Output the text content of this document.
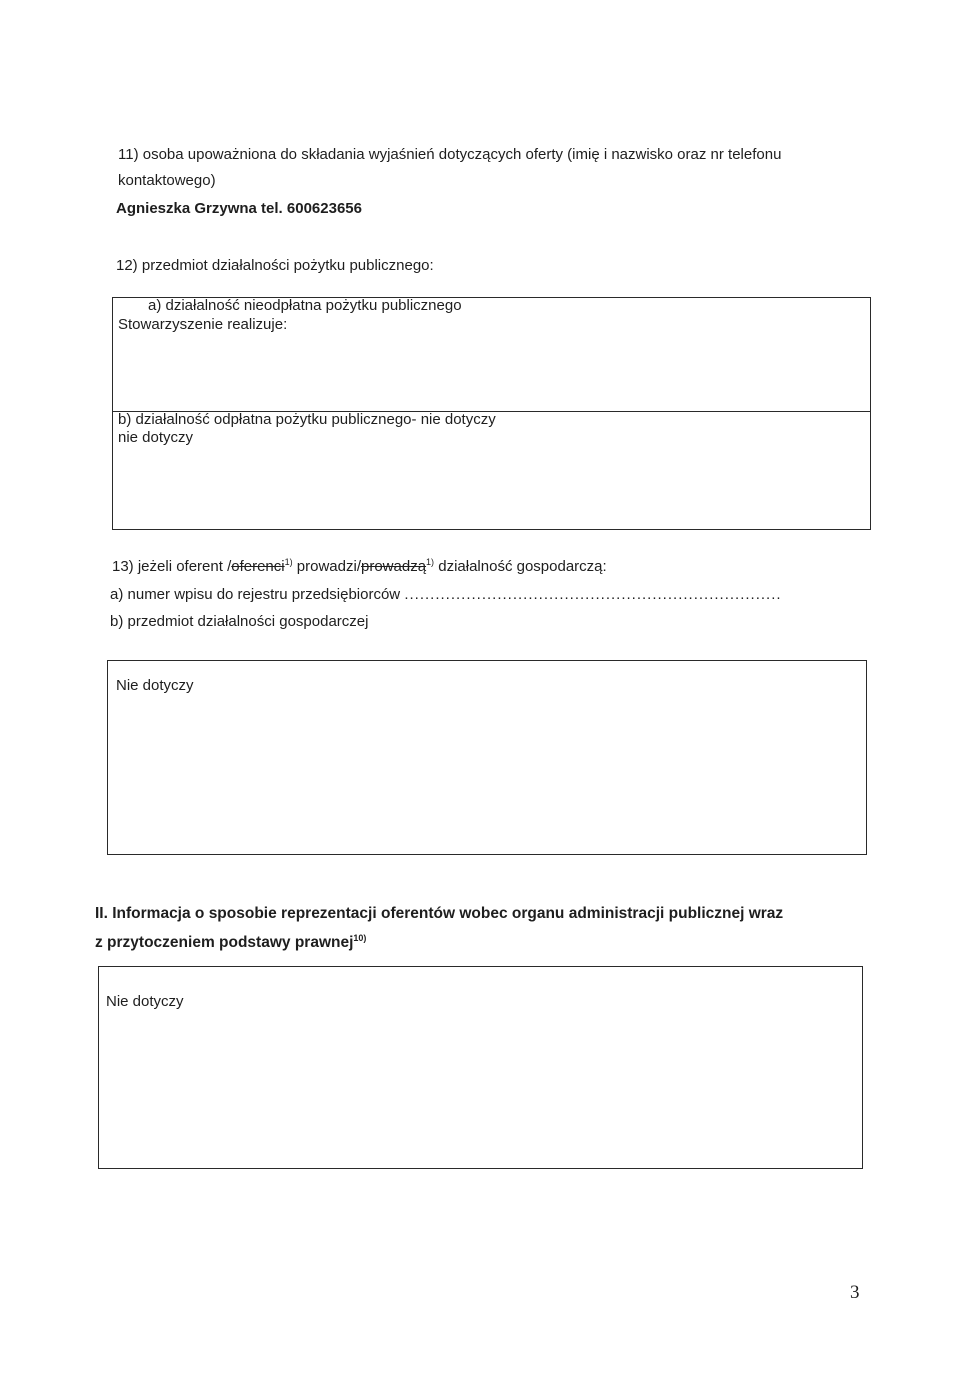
11) osoba upoważniona do składania wyjaśnień dotyczących oferty (imię i nazwisko oraz nr telefonu
kontaktowego)
Agnieszka Grzywna tel. 600623656
12) przedmiot działalności pożytku publicznego:
a) działalność nieodpłatna pożytku publicznego
Stowarzyszenie realizuje:
b) działalność odpłatna pożytku publicznego- nie dotyczy
nie dotyczy
13) jeżeli oferent /oferenci$^{1)}$ prowadzi/prowadzą$^{1)}$ działalność gospodarczą:
a) numer wpisu do rejestru przedsiębiorców .........................................................................
b) przedmiot działalności gospodarczej
Nie dotyczy
II. Informacja o sposobie reprezentacji oferentów wobec organu administracji publicznej wraz
z przytoczeniem podstawy prawnej$^{10)}$
Nie dotyczy
3
